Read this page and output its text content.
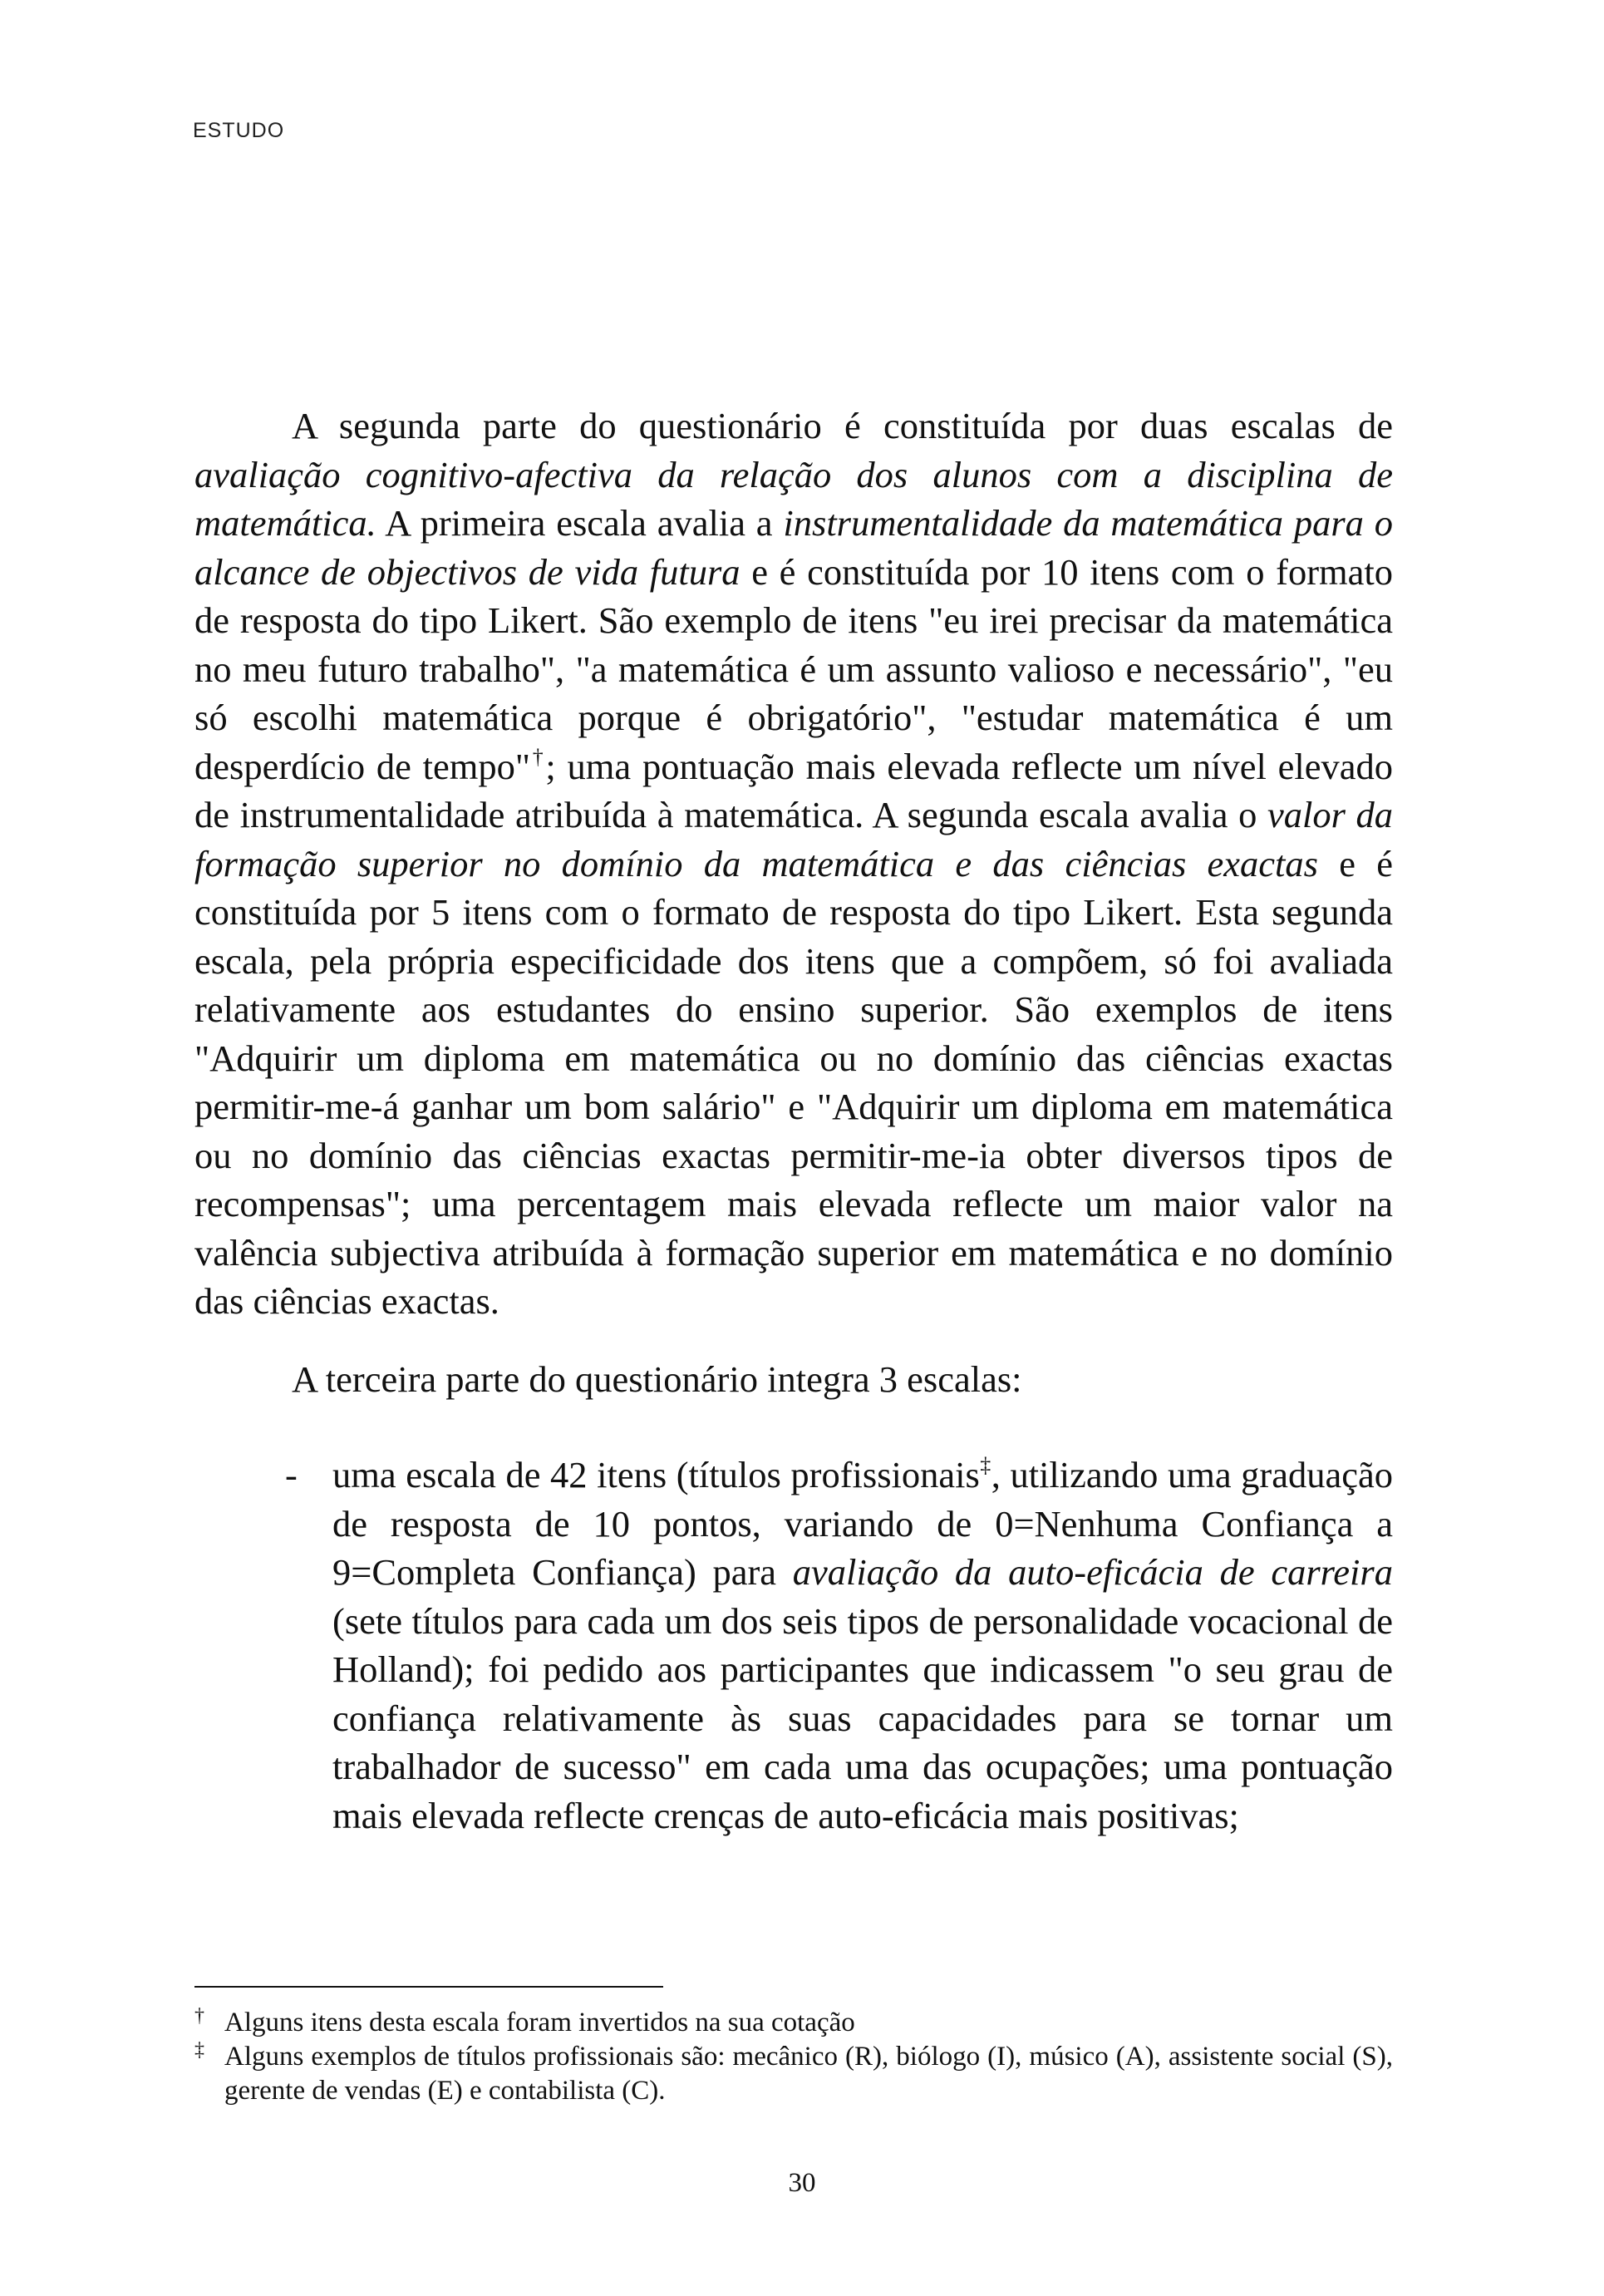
ESTUDO
A segunda parte do questionário é constituída por duas escalas de avaliação cognitivo-afectiva da relação dos alunos com a disciplina de matemática. A primeira escala avalia a instrumentalidade da matemática para o alcance de objectivos de vida futura e é constituída por 10 itens com o formato de resposta do tipo Likert. São exemplo de itens "eu irei precisar da matemática no meu futuro trabalho", "a matemática é um assunto valioso e necessário", "eu só escolhi matemática porque é obrigatório", "estudar matemática é um desperdício de tempo"†; uma pontuação mais elevada reflecte um nível elevado de instrumentalidade atribuída à matemática. A segunda escala avalia o valor da formação superior no domínio da matemática e das ciências exactas e é constituída por 5 itens com o formato de resposta do tipo Likert. Esta segunda escala, pela própria especificidade dos itens que a compõem, só foi avaliada relativamente aos estudantes do ensino superior. São exemplos de itens "Adquirir um diploma em matemática ou no domínio das ciências exactas permitir-me-á ganhar um bom salário" e "Adquirir um diploma em matemática ou no domínio das ciências exactas permitir-me-ia obter diversos tipos de recompensas"; uma percentagem mais elevada reflecte um maior valor na valência subjectiva atribuída à formação superior em matemática e no domínio das ciências exactas.
A terceira parte do questionário integra 3 escalas:
- uma escala de 42 itens (títulos profissionais‡, utilizando uma graduação de resposta de 10 pontos, variando de 0=Nenhuma Confiança a 9=Completa Confiança) para avaliação da auto-eficácia de carreira (sete títulos para cada um dos seis tipos de personalidade vocacional de Holland); foi pedido aos participantes que indicassem "o seu grau de confiança relativamente às suas capacidades para se tornar um trabalhador de sucesso" em cada uma das ocupações; uma pontuação mais elevada reflecte crenças de auto-eficácia mais positivas;
† Alguns itens desta escala foram invertidos na sua cotação
‡ Alguns exemplos de títulos profissionais são: mecânico (R), biólogo (I), músico (A), assistente social (S), gerente de vendas (E) e contabilista (C).
30
